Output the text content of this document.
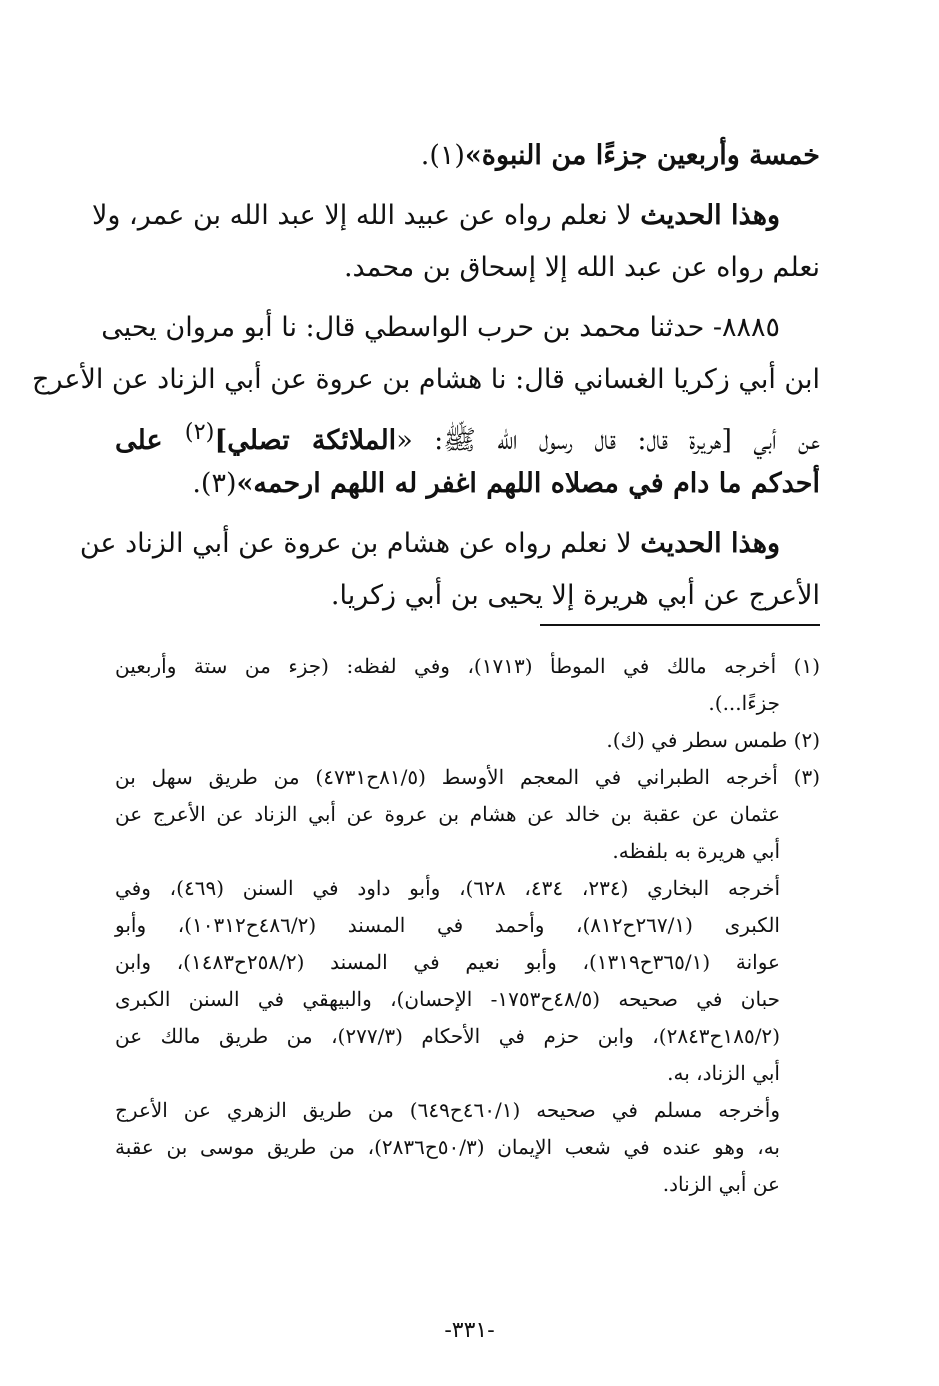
خمسة وأربعين جزءًا من النبوة»(١).
وهذا الحديث لا نعلم رواه عن عبيد الله إلا عبد الله بن عمر، ولا
نعلم رواه عن عبد الله إلا إسحاق بن محمد.
٨٨٨٥- حدثنا محمد بن حرب الواسطي قال: نا أبو مروان يحيى
ابن أبي زكريا الغساني قال: نا هشام بن عروة عن أبي الزناد عن الأعرج
عن أبي [هريرة قال: قال رسول الله ﷺ: «الملائكة تصلي]$^{(٢)}$ على
أحدكم ما دام في مصلاه اللهم اغفر له اللهم ارحمه»(٣).
وهذا الحديث لا نعلم رواه عن هشام بن عروة عن أبي الزناد عن
الأعرج عن أبي هريرة إلا يحيى بن أبي زكريا.
(١) أخرجه مالك في الموطأ (١٧١٣)، وفي لفظه: (جزء من ستة وأربعين
جزءًا...).
(٢) طمس سطر في (ك).
(٣) أخرجه الطبراني في المعجم الأوسط (٨١/٥ح٤٧٣١) من طريق سهل بن
عثمان عن عقبة بن خالد عن هشام بن عروة عن أبي الزناد عن الأعرج عن
أبي هريرة به بلفظه.
أخرجه البخاري (٢٣٤، ٤٣٤، ٦٢٨)، وأبو داود في السنن (٤٦٩)، وفي
الكبرى (٢٦٧/١ح٨١٢)، وأحمد في المسند (٤٨٦/٢ح١٠٣١٢)، وأبو
عوانة (٣٦٥/١ح١٣١٩)، وأبو نعيم في المسند (٢٥٨/٢ح١٤٨٣)، وابن
حبان في صحيحه (٤٨/٥ح١٧٥٣- الإحسان)، والبيهقي في السنن الكبرى
(١٨٥/٢ح٢٨٤٣)، وابن حزم في الأحكام (٢٧٧/٣)، من طريق مالك عن
أبي الزناد، به.
وأخرجه مسلم في صحيحه (٤٦٠/١ح٦٤٩) من طريق الزهري عن الأعرج
به، وهو عنده في شعب الإيمان (٥٠/٣ح٢٨٣٦)، من طريق موسى بن عقبة
عن أبي الزناد.
-٣٣١-
